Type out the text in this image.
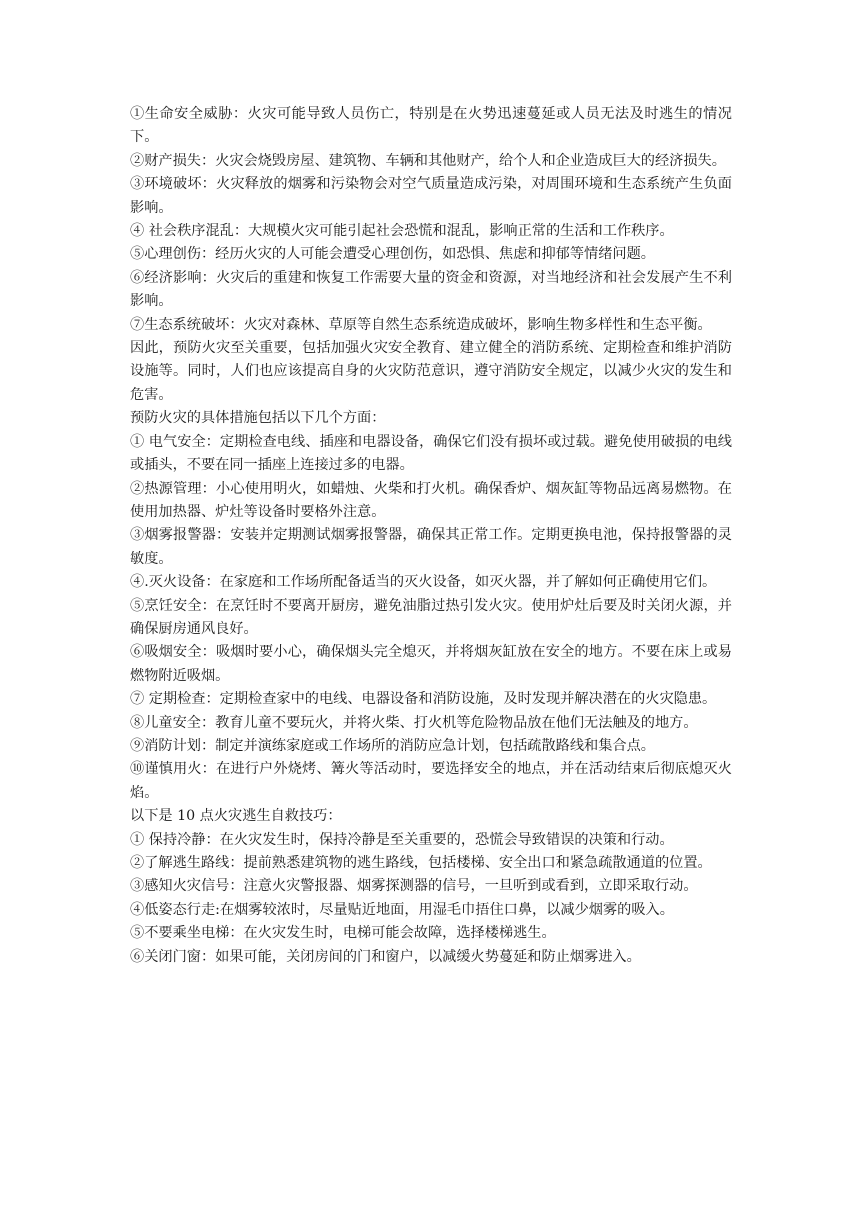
①生命安全威胁：火灾可能导致人员伤亡，特别是在火势迅速蔓延或人员无法及时逃生的情况下。

②财产损失：火灾会烧毁房屋、建筑物、车辆和其他财产，给个人和企业造成巨大的经济损失。

③环境破坏：火灾释放的烟雾和污染物会对空气质量造成污染，对周围环境和生态系统产生负面影响。

④ 社会秩序混乱：大规模火灾可能引起社会恐慌和混乱，影响正常的生活和工作秩序。

⑤心理创伤：经历火灾的人可能会遭受心理创伤，如恐惧、焦虑和抑郁等情绪问题。

⑥经济影响：火灾后的重建和恢复工作需要大量的资金和资源，对当地经济和社会发展产生不利影响。

⑦生态系统破坏：火灾对森林、草原等自然生态系统造成破坏，影响生物多样性和生态平衡。

因此，预防火灾至关重要，包括加强火灾安全教育、建立健全的消防系统、定期检查和维护消防设施等。同时，人们也应该提高自身的火灾防范意识，遵守消防安全规定，以减少火灾的发生和危害。

预防火灾的具体措施包括以下几个方面：

① 电气安全：定期检查电线、插座和电器设备，确保它们没有损坏或过载。避免使用破损的电线或插头，不要在同一插座上连接过多的电器。

②热源管理：小心使用明火，如蜡烛、火柴和打火机。确保香炉、烟灰缸等物品远离易燃物。在使用加热器、炉灶等设备时要格外注意。

③烟雾报警器：安装并定期测试烟雾报警器，确保其正常工作。定期更换电池，保持报警器的灵敏度。

④.灭火设备：在家庭和工作场所配备适当的灭火设备，如灭火器，并了解如何正确使用它们。

⑤烹饪安全：在烹饪时不要离开厨房，避免油脂过热引发火灾。使用炉灶后要及时关闭火源，并确保厨房通风良好。

⑥吸烟安全：吸烟时要小心，确保烟头完全熄灭，并将烟灰缸放在安全的地方。不要在床上或易燃物附近吸烟。

⑦ 定期检查：定期检查家中的电线、电器设备和消防设施，及时发现并解决潜在的火灾隐患。

⑧儿童安全：教育儿童不要玩火，并将火柴、打火机等危险物品放在他们无法触及的地方。

⑨消防计划：制定并演练家庭或工作场所的消防应急计划，包括疏散路线和集合点。

⑩谨慎用火：在进行户外烧烤、篝火等活动时，要选择安全的地点，并在活动结束后彻底熄灭火焰。

以下是 10 点火灾逃生自救技巧：

① 保持冷静：在火灾发生时，保持冷静是至关重要的，恐慌会导致错误的决策和行动。

②了解逃生路线：提前熟悉建筑物的逃生路线，包括楼梯、安全出口和紧急疏散通道的位置。

③感知火灾信号：注意火灾警报器、烟雾探测器的信号，一旦听到或看到，立即采取行动。

④低姿态行走:在烟雾较浓时，尽量贴近地面，用湿毛巾捂住口鼻，以减少烟雾的吸入。

⑤不要乘坐电梯：在火灾发生时，电梯可能会故障，选择楼梯逃生。

⑥关闭门窗：如果可能，关闭房间的门和窗户，以减缓火势蔓延和防止烟雾进入。
